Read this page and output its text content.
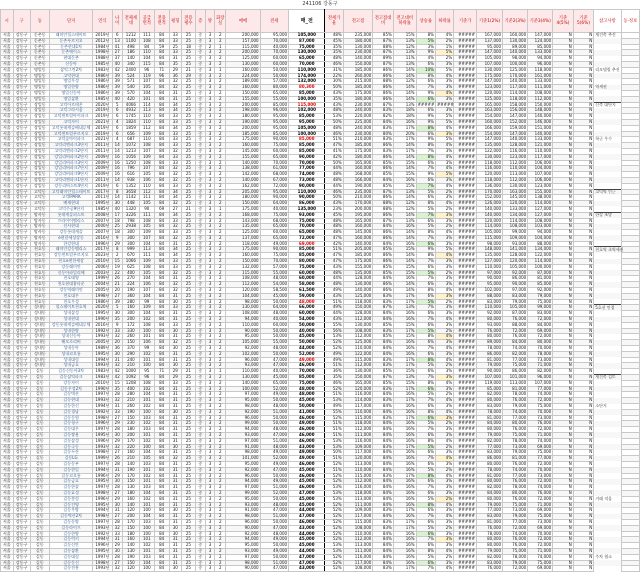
241106 강동구
시	구	동	단지	연식	나이	전체세대	공급면적	전용면적	평형	전용평수	층	방	화장실	매매	전세	매_전	전세가율	전고점	전고점대비	전고대비하락률	상승률	하락률	기준가	기준1(2%)	기준2(3%)	기준3(4%)	기준4(5%)	기준5(6%)	참고사항	동·정보
서울	강동구	둔촌동	래미안힐스테이트	2019년	6	1212	111	84	33	25	중	3	2	200,000	95,000	105,000	48%	235,000	85%	15%	8%	4%	#####	167,000	160,000	147,000	N	N	재건축 추진	
서울	강동구	둔촌동	둔촌푸르지오	2012년	13	1100	108	84	33	25	중	3	2	157,000	70,000	87,000	45%	180,000	87%	13%	5%	2%	#####	137,000	130,000	124,000	N	N		
서울	강동구	둔촌동	둔촌현대1차	1984년	41	498	84	59	25	18	중	2	1	115,000	40,000	75,000	35%	130,000	88%	12%	3%	1%	#####	95,000	89,000	85,000	N	N		
서울	강동구	둔촌동	둔촌에이스	1998년	27	186	110	84	33	25	중	3	2	200,000	70,000	130,000	35%	230,000	87%	13%	9%	5%	#####	147,000	140,000	133,000	N	N		
서울	강동구	둔촌동	현대둔촌	1988년	37	140	104	84	31	25	중	3	2	125,000	60,000	65,000	48%	140,000	89%	11%	4%	2%	#####	105,000	98,000	94,000	N	N		
서울	강동구	둔촌동	신동아	1985년	40	340	115	84	35	25	중	3	2	130,000	60,000	70,000	46%	150,000	87%	13%	6%	3%	#####	107,000	100,000	96,000	N	N		
서울	강동구	명일동	삼익그린2차	1983년	42	2400	96	71	29	21	중	3	1	160,000	50,000	110,000	31%	185,000	86%	14%	10%	5%	#####	130,000	125,000	118,000	N	N	리모델링 추진	
서울	강동구	명일동	고덕현대	1986년	39	524	119	96	36	29	중	3	2	224,000	50,000	174,000	22%	260,000	86%	14%	8%	4%	#####	175,000	170,000	161,000	N	N		
서울	강동구	명일동	명일우성	1986년	39	571	107	84	32	25	중	3	2	189,000	57,000	132,000	30%	215,000	88%	12%	6%	3%	#####	147,000	140,000	133,000	N	N		
서울	강동구	명일동	명일한양	1986년	39	540	105	84	32	25	중	3	2	160,000	80,000	80,300	50%	185,000	86%	14%	7%	3%	#####	123,000	117,000	111,000	N	N	역세권	
서울	강동구	명일동	명일신동아	1986년	39	570	104	84	31	25	중	3	2	150,000	65,000	85,000	43%	175,000	86%	14%	9%	4%	#####	120,000	114,000	108,000	N	N		
서울	강동구	명일동	명일삼환	1985년	40	420	101	84	31	25	중	3	2	155,000	55,000	100,000	35%	180,000	86%	14%	6%	3%	#####	125,000	118,000	112,000	N	N		
서울	강동구	상일동	고덕아르테온	2020년	5	4066	114	84	34	25	중	3	2	200,000	85,000	115,000	43%	230,000	87%	13%	#####	#####	#####	165,000	158,000	150,000	N	N	신축 대단지	
서울	강동구	상일동	고덕그라시움	2019년	6	4932	113	84	34	25	중	3	2	198,000	96,000	102,000	48%	240,000	83%	18%	6%	3%	#####	163,000	156,000	148,000	N	N		
서울	강동구	상일동	고덕센트럴아이파크	2019년	6	1745	110	84	33	25	중	3	2	180,000	95,000	85,000	53%	220,000	82%	18%	9%	5%	#####	154,000	147,000	140,000	N	N		
서울	강동구	상일동	고덕자이	2021년	4	1824	110	84	33	25	중	3	2	190,000	95,000	95,000	50%	225,000	84%	16%	9%	5%	#####	160,000	152,000	146,000	N	N		
서울	강동구	상일동	고덕롯데캐슬베네루체	2019년	6	1859	112	84	34	25	중	3	2	200,000	95,000	105,000	48%	240,000	83%	17%	8%	4%	#####	166,000	159,000	151,000	N	N		
서울	강동구	상일동	고덕센트럴푸르지오	2019년	6	656	109	84	33	25	중	3	2	185,000	85,000	100,000	46%	230,000	80%	20%	6%	3%	#####	154,000	147,000	140,000	N	N		
서울	강동구	상일동	고덕숲아이파크	2021년	4	687	110	84	33	25	중	3	2	175,000	90,000	85,000	51%	210,000	83%	17%	9%	5%	#####	147,000	140,000	133,000	N	N	학군 우수	
서울	강동구	상일동	고덕리엔파크3단지	2011년	14	1072	108	84	33	25	중	3	2	160,000	75,000	85,000	47%	185,000	86%	14%	8%	4%	#####	135,000	128,000	121,000	N	N		
서울	강동구	상일동	고덕리엔파크2단지	2011년	14	1213	107	84	32	25	중	3	2	145,000	60,000	85,000	41%	175,000	83%	17%	7%	3%	#####	122,000	116,000	110,000	N	N		
서울	강동구	강일동	강일리버파크2단지	2009년	16	1056	109	84	33	25	중	3	2	155,000	65,000	90,000	42%	180,000	86%	14%	8%	4%	#####	130,000	123,000	117,000	N	N		
서울	강동구	강일동	강일리버파크3단지	2009년	16	1250	108	84	33	25	중	3	2	140,000	70,000	70,000	50%	165,000	85%	15%	6%	3%	#####	118,000	112,000	106,000	N	N		
서울	강동구	강일동	강일리버파크7단지	2009년	16	796	107	84	32	25	중	3	2	138,000	61,000	77,000	44%	160,000	86%	14%	7%	4%	#####	116,000	110,000	104,000	N	N		
서울	강동구	강일동	강일리버파크9단지	2009년	16	616	105	84	32	25	중	3	2	142,000	68,000	74,000	48%	168,000	85%	15%	9%	5%	#####	120,000	113,000	107,000	N	N		
서울	강동구	강일동	고덕리엔파크1단지	2011년	14	938	106	84	32	25	중	3	2	140,000	67,000	73,000	48%	166,000	84%	16%	6%	3%	#####	118,000	112,000	106,000	N	N		
서울	강동구	강일동	강동리버스트4단지	2019년	6	1352	110	84	33	25	중	3	2	162,000	72,000	90,000	44%	190,000	85%	15%	7%	4%	#####	136,000	130,000	123,000	N	N		
서울	강동구	고덕동	고덕래미안힐스테이트	2017년	8	3658	112	84	34	25	중	3	2	205,000	95,000	110,000	46%	235,000	87%	13%	5%	2%	#####	170,000	163,000	155,000	N	N	고덕역 인근	
서울	강동구	고덕동	고덕IPARK	2011년	14	1142	111	84	34	25	중	3	2	180,000	90,000	90,000	50%	210,000	86%	14%	6%	3%	#####	152,000	145,000	138,000	N	N		
서울	강동구	고덕동	배재현대	1995년	30	448	105	84	32	25	중	3	2	150,000	64,000	86,000	43%	170,000	88%	12%	8%	4%	#####	126,000	120,000	114,000	N	N		
서울	강동구	고덕동	고덕주공9단지	1985년	40	1320	90	69	27	21	중	3	1	175,000	40,000	135,000	23%	200,000	88%	12%	5%	2%	#####	140,000	133,000	127,000	N	N		
서울	강동구	암사동	롯데캐슬퍼스트	2008년	17	3226	111	84	34	25	중	3	2	168,000	75,000	93,000	45%	195,000	86%	14%	7%	3%	#####	140,000	134,000	127,000	N	N	한강 조망	
서울	강동구	암사동	프라이어팰리스	2007년	18	798	108	84	33	25	중	3	2	143,000	68,000	75,000	48%	165,000	87%	13%	6%	3%	#####	120,000	114,000	108,000	N	N		
서울	강동구	암사동	선사현대	2000년	25	2938	105	84	32	25	중	3	2	135,000	65,000	70,000	48%	160,000	84%	16%	5%	2%	#####	114,000	108,000	103,000	N	N		
서울	강동구	암사동	강동롯데캐슬	2007년	18	300	109	84	33	25	중	3	2	125,000	60,000	65,000	48%	145,000	86%	14%	8%	4%	#####	105,000	99,000	94,000	N	N		
서울	강동구	암사동	e편한세상강동	2016년	9	300	107	84	32	25	중	3	2	137,000	65,000	72,000	47%	160,000	86%	14%	7%	3%	#####	115,000	109,000	104,000	N	N		
서울	강동구	암사동	한강현대	1996년	29	300	104	84	31	25	중	3	2	118,000	49,000	69,000	42%	140,000	84%	16%	6%	3%	#####	98,000	93,000	88,000	N	N		
서울	강동구	천호동	래미안강동팰리스	2017년	8	999	113	84	34	25	중	3	2	175,000	90,000	85,000	51%	205,000	85%	15%	9%	5%	#####	148,000	141,000	134,000	N	N	천호역 초역세권	
서울	강동구	천호동	강동센트럴푸르지오	2023년	2	670	111	84	34	25	중	3	2	160,000	75,000	85,000	47%	185,000	86%	14%	8%	4%	#####	135,000	128,000	122,000	N	N		
서울	강동구	천호동	천호e편한세상	2010년	15	1066	109	84	33	25	중	3	2	150,000	70,000	80,000	47%	175,000	86%	14%	7%	3%	#####	127,000	120,000	114,000	N	N		
서울	강동구	천호동	강동래미안	2006년	19	625	108	84	33	25	중	3	2	132,000	57,000	75,000	43%	155,000	85%	15%	6%	3%	#####	110,000	105,000	100,000	N	N		
서울	강동구	천호동	신동아파밀리에	2003년	22	400	105	84	32	25	중	3	2	115,000	55,000	60,000	48%	135,000	85%	15%	5%	2%	#####	97,000	92,000	87,000	N	N		
서울	강동구	천호동	천호태영	1999년	26	270	104	84	31	25	중	3	2	108,000	48,000	60,000	44%	128,000	84%	16%	7%	3%	#####	90,000	86,000	81,000	N	N		
서울	강동구	천호동	천호현대홈타운	2004년	21	224	106	84	32	25	중	3	2	112,000	54,000	58,000	48%	130,000	86%	14%	6%	3%	#####	95,000	90,000	85,000	N	N		
서울	강동구	천호동	강동역래미안	2005년	20	190	107	84	32	25	중	3	2	120,000	58,500	61,500	49%	140,000	86%	14%	8%	4%	#####	102,000	97,000	92,000	N	N		
서울	강동구	천호동	천호대우	1998년	27	360	104	84	31	25	중	3	2	104,000	45,000	59,000	43%	125,000	83%	17%	6%	3%	#####	88,000	83,000	79,000	N	N		
서울	강동구	천호동	천호우성	1986년	39	280	99	84	30	25	중	3	2	98,000	50,000	48,000	51%	118,000	83%	17%	5%	2%	#####	83,000	79,000	75,000	N	N		
서울	강동구	성내동	힐스테이트천호역	2020년	5	160	109	84	33	25	중	3	2	130,000	64,000	66,000	49%	150,000	87%	13%	7%	3%	#####	110,000	105,000	99,000	N	N	5호선 인접	
서울	강동구	성내동	성내삼성	1995년	30	300	104	84	31	25	중	3	2	108,000	48,000	60,000	44%	128,000	84%	16%	6%	3%	#####	92,000	87,000	83,000	N	N		
서울	강동구	성내동	성내현대	1990년	35	200	102	84	31	25	중	3	2	94,000	40,000	54,000	43%	112,000	84%	16%	7%	4%	#####	80,000	76,000	72,000	N	N		
서울	강동구	성내동	강동롯데캐슬베네루체	2016년	9	172	108	84	33	25	중	3	2	110,000	60,000	50,000	55%	130,000	85%	15%	6%	3%	#####	93,000	88,000	84,000	N	N		
서울	강동구	성내동	성내한양	1992년	33	330	100	84	30	25	중	3	2	90,000	50,000	40,000	56%	108,000	83%	17%	5%	2%	#####	76,000	72,000	69,000	N	N		
서울	강동구	성내동	성내신동아	1993년	32	260	101	84	31	25	중	3	2	95,000	50,000	45,000	53%	112,000	85%	15%	8%	4%	#####	80,000	76,000	72,000	N	N		
서울	강동구	성내동	해모로리버	2005년	20	150	106	84	32	25	중	3	2	105,000	55,000	50,000	52%	125,000	84%	16%	6%	3%	#####	89,000	84,000	80,000	N	N		
서울	강동구	성내동	성내동아	1989년	36	370	99	84	30	25	중	3	2	92,000	48,000	44,000	52%	110,000	84%	16%	7%	4%	#####	78,000	74,000	70,000	N	N		
서울	강동구	성내동	성내코오롱	1995년	30	290	102	84	31	25	중	3	2	102,000	50,000	52,000	49%	122,000	84%	16%	6%	3%	#####	86,000	82,000	78,000	N	N		
서울	강동구	성내동	성내대림	1994년	31	240	101	84	31	25	중	3	2	96,000	47,000	49,000	49%	115,000	83%	17%	8%	4%	#####	81,000	77,000	73,000	N	N		
서울	강동구	성내동	성내금호	1993년	32	210	100	84	30	25	중	3	2	93,000	47,000	46,000	51%	112,000	83%	17%	5%	2%	#####	79,000	75,000	71,000	N	N		
서울	강동구	길동	길동신동아3차	1983년	42	1000	95	71	29	21	중	3	1	110,000	40,000	70,000	36%	130,000	85%	15%	6%	3%	#####	90,000	86,000	82,000	N	N		
서울	강동구	길동	길동삼익파크	1983년	42	1092	96	84	29	25	중	3	2	130,000	45,000	85,000	35%	150,000	87%	13%	7%	3%	#####	107,000	101,000	96,000	N	N	재건축 검토	
서울	강동구	길동	강동자이	2010년	15	1208	108	84	33	25	중	3	2	140,000	65,000	75,000	46%	165,000	85%	15%	8%	4%	#####	119,000	113,000	107,000	N	N		
서울	강동구	길동	길동우성2차	1990년	35	400	102	84	31	25	중	3	2	100,000	52,000	48,000	52%	120,000	83%	17%	6%	3%	#####	85,000	81,000	77,000	N	N		
서울	강동구	길동	길동벽산	1997년	28	280	104	84	31	25	중	3	2	97,000	49,000	48,000	51%	116,000	84%	16%	5%	2%	#####	82,000	78,000	74,000	N	N		
서울	강동구	길동	길동현대	1993년	32	210	101	84	31	25	중	3	2	95,000	50,000	45,000	53%	114,000	83%	17%	7%	4%	#####	80,000	76,000	72,000	N	N		
서울	강동구	길동	길동한신	1994년	31	260	102	84	31	25	중	3	2	98,000	48,000	50,000	49%	117,000	84%	16%	6%	3%	#####	83,000	79,000	75,000	N	N	소단지	
서울	강동구	길동	길동경남	1992년	33	190	100	84	30	25	중	3	2	92,000	51,000	41,000	55%	110,000	84%	16%	8%	4%	#####	78,000	74,000	70,000	N	N		
서울	강동구	길동	길동동원	1998년	27	150	103	84	31	25	중	3	2	96,000	50,000	46,000	52%	115,000	83%	17%	6%	3%	#####	81,000	77,000	73,000	N	N		
서울	강동구	길동	길동청구	1996년	29	230	102	84	31	25	중	3	2	99,000	50,000	49,000	51%	118,000	84%	16%	5%	2%	#####	84,000	80,000	76,000	N	N		
서울	강동구	길동	길동대우	1997년	28	180	103	84	31	25	중	3	2	94,000	48,000	46,000	51%	112,000	84%	16%	7%	3%	#####	80,000	76,000	72,000	N	N		
서울	강동구	길동	길동쌍용	1995년	30	200	101	84	31	25	중	3	2	93,000	47,000	46,000	51%	111,000	84%	16%	6%	3%	#####	79,000	75,000	71,000	N	N		
서울	강동구	길동	길동삼성	1996년	29	170	102	84	31	25	중	3	2	97,000	51,000	46,000	53%	116,000	84%	16%	8%	4%	#####	82,000	78,000	74,000	N	N		
서울	강동구	길동	길동극동	1993년	32	220	100	84	30	25	중	3	2	91,000	48,000	43,000	53%	109,000	83%	17%	5%	2%	#####	77,000	73,000	69,000	N	N		
서울	강동구	길동	길동두산	1998년	27	160	104	84	31	25	중	3	2	98,000	49,000	49,000	50%	117,000	84%	16%	6%	3%	#####	83,000	79,000	75,000	N	N		
서울	강동구	길동	길동LG	1999년	26	210	105	84	32	25	중	3	2	101,000	52,000	49,000	51%	120,000	84%	16%	7%	4%	#####	86,000	81,000	77,000	N	N		
서울	강동구	길동	길동동부	1997년	28	140	103	84	31	25	중	3	2	95,000	49,000	46,000	52%	113,000	84%	16%	6%	3%	#####	80,000	76,000	72,000	N	N		
서울	강동구	길동	길동한일	1994년	31	190	101	84	31	25	중	3	2	92,000	47,000	45,000	51%	110,000	84%	16%	5%	2%	#####	78,000	74,000	70,000	N	N		
서울	강동구	길동	길동코오롱	1996년	29	170	102	84	31	25	중	3	2	96,000	50,000	46,000	52%	115,000	83%	17%	8%	4%	#####	81,000	77,000	73,000	N	N		
서울	강동구	길동	길동금호	1995년	30	150	101	84	31	25	중	3	2	94,000	49,000	45,000	52%	112,000	84%	16%	6%	3%	#####	80,000	76,000	72,000	N	N		
서울	강동구	길동	길동한솔	1997년	28	130	103	84	31	25	중	3	2	97,000	51,000	46,000	53%	116,000	84%	16%	7%	3%	#####	82,000	78,000	74,000	N	N		
서울	강동구	길동	길동효성	1998년	27	180	104	84	31	25	중	3	2	99,000	52,000	47,000	53%	118,000	84%	16%	6%	3%	#####	84,000	80,000	76,000	N	N		
서울	강동구	길동	길동풍림	1996년	29	160	102	84	31	25	중	3	2	95,000	50,000	45,000	53%	113,000	84%	16%	5%	2%	#####	80,000	76,000	72,000	N	N	거래 적음	
서울	강동구	길동	길동건영	1995년	30	140	101	84	31	25	중	3	2	93,000	48,000	45,000	52%	111,000	84%	16%	8%	4%	#####	79,000	75,000	71,000	N	N		
서울	강동구	길동	길동우방	1994년	31	120	100	84	30	25	중	3	2	91,000	47,000	44,000	52%	109,000	83%	17%	6%	3%	#####	77,000	73,000	69,000	N	N		
서울	강동구	길동	길동벽산2차	1998년	27	200	104	84	31	25	중	3	2	98,000	51,000	47,000	52%	117,000	84%	16%	7%	4%	#####	83,000	79,000	75,000	N	N		
서울	강동구	길동	길동동양	1997년	28	170	103	84	31	25	중	3	2	96,000	50,000	46,000	52%	115,000	83%	17%	6%	3%	#####	81,000	77,000	73,000	N	N		
서울	강동구	길동	길동라이프	1993년	32	150	100	84	30	25	중	3	2	90,000	47,000	43,000	52%	108,000	83%	17%	5%	2%	#####	76,000	72,000	69,000	N	N		
서울	강동구	길동	길동한양	1992년	33	180	100	84	30	25	중	3	2	92,000	48,000	44,000	52%	110,000	84%	16%	6%	3%	#####	78,000	74,000	70,000	N	N		
서울	강동구	길동	길동럭키	1994년	31	160	101	84	31	25	중	3	2	94,000	49,000	45,000	52%	112,000	84%	16%	7%	3%	#####	80,000	76,000	72,000	N	N		
서울	강동구	길동	길동신안	1996년	29	140	102	84	31	25	중	3	2	95,000	50,000	45,000	53%	113,000	84%	16%	6%	3%	#####	80,000	76,000	72,000	N	N		
서울	강동구	길동	길동삼환	1995년	30	130	101	84	31	25	중	3	2	93,000	49,000	44,000	53%	111,000	84%	16%	8%	4%	#####	79,000	75,000	71,000	N	N		
서울	강동구	길동	길동대림	1997년	28	190	103	84	31	25	중	3	2	97,000	50,000	47,000	52%	116,000	84%	16%	5%	2%	#####	82,000	78,000	74,000	N	N	주차 협소	
서울	강동구	길동	길동동신	1998년	27	150	104	84	31	25	중	3	2	98,000	51,000	47,000	52%	117,000	84%	16%	6%	3%	#####	83,000	79,000	75,000	N	N		
서울	강동구	길동	길동진흥	1993년	32	120	100	84	30	25	중	3	2	90,000	47,000	43,000	52%	108,000	83%	17%	7%	4%	#####	76,000	72,000	69,000	N	N		
